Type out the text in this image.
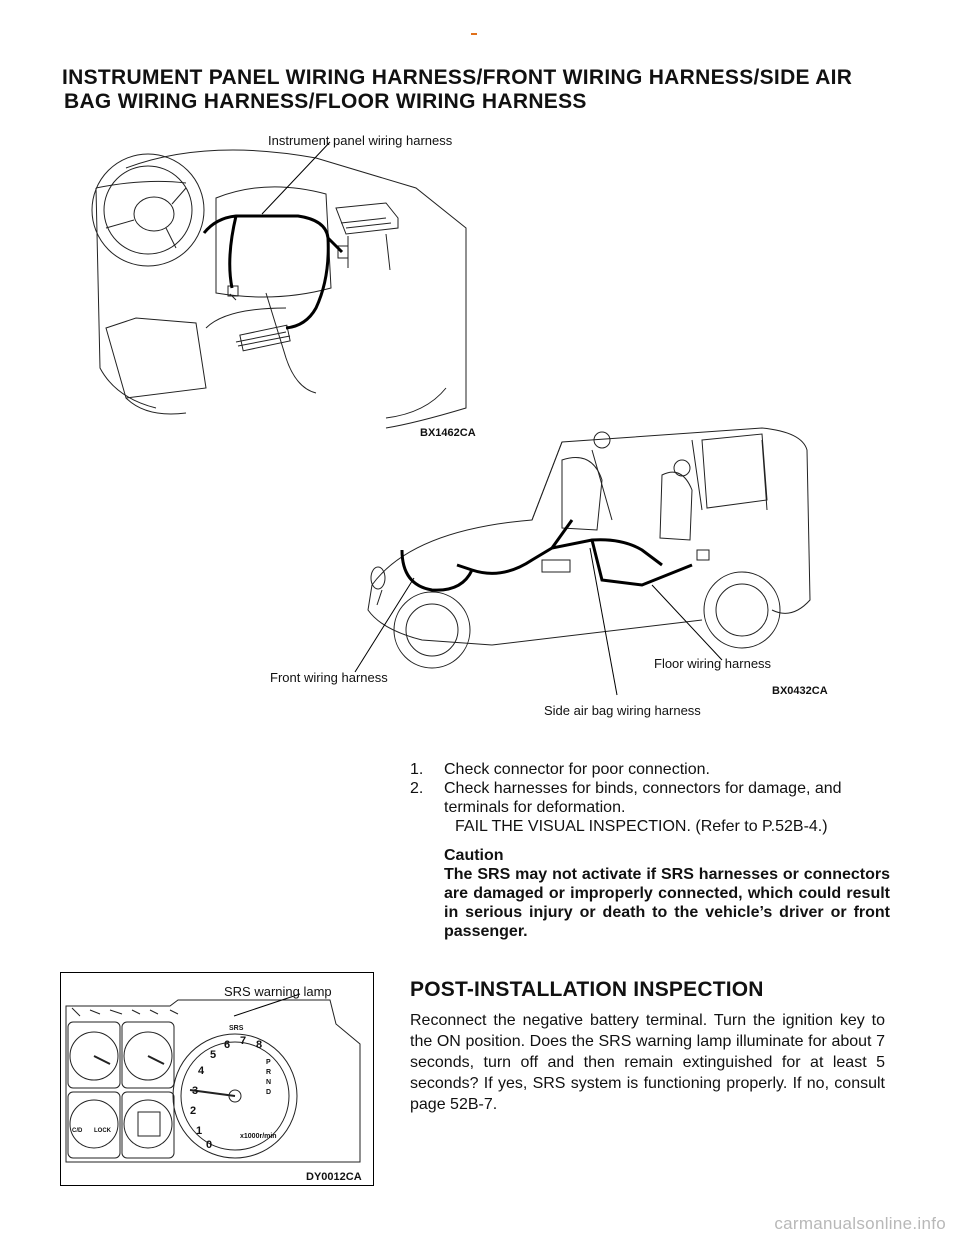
INSTRUMENT PANEL WIRING HARNESS/FRONT WIRING HARNESS/SIDE AIR
BAG WIRING HARNESS/FLOOR WIRING HARNESS
Instrument panel wiring harness
BX1462CA
Front wiring harness
Floor wiring harness
Side air bag wiring harness
BX0432CA
1.	Check connector for poor connection.
2.	Check harnesses for binds, connectors for damage, and terminals for deformation.
FAIL THE VISUAL INSPECTION. (Refer to P.52B-4.)
Caution
The SRS may not activate if SRS harnesses or connectors are damaged or improperly connected, which could result in serious injury or death to the vehicle’s driver or front passenger.
SRS warning lamp
SRS
0
1
2
3
4
5
6 7 8
P
R
N
D
x1000r/min
C/D LOCK
DY0012CA
POST-INSTALLATION INSPECTION

Reconnect the negative battery terminal. Turn the ignition key to the ON position. Does the SRS warning lamp illuminate for about 7 seconds, turn off and then remain extinguished for at least 5 seconds? If yes, SRS system is functioning properly. If no, consult page 52B-7.

carmanualsonline.info
